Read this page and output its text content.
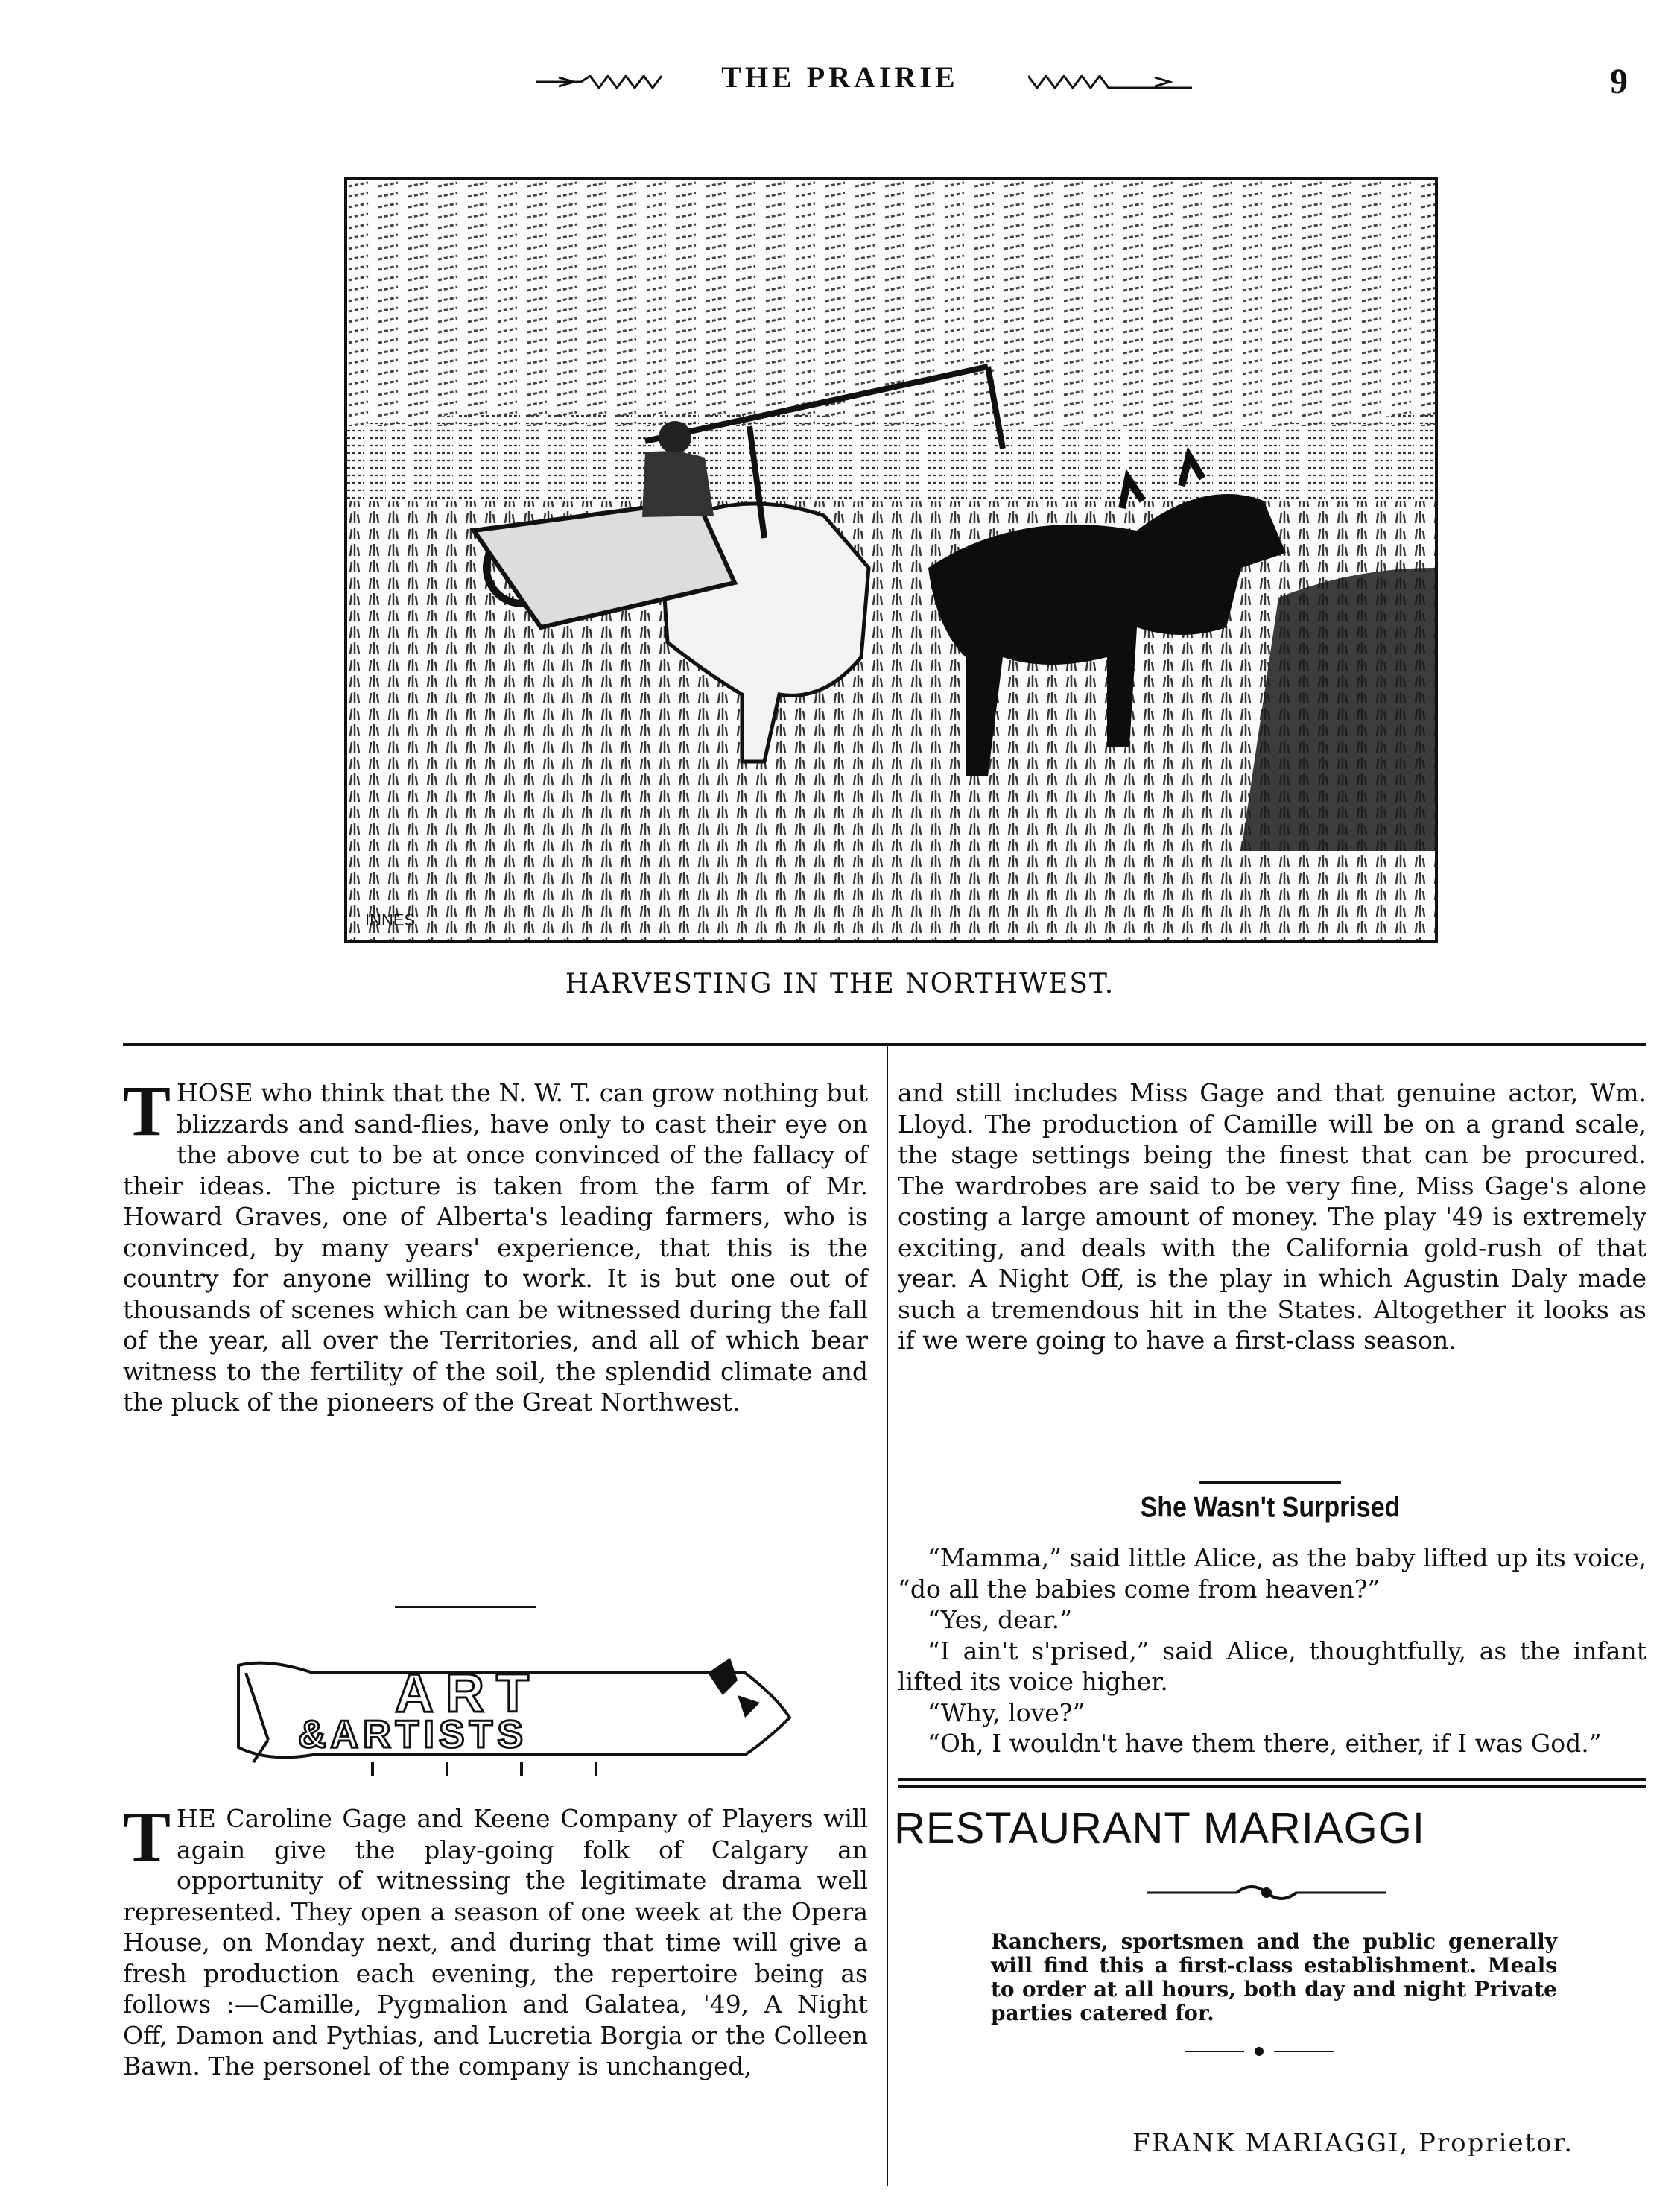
THE PRAIRIE	9
INNES
HARVESTING IN THE NORTHWEST.

THOSE who think that the N. W. T. can grow nothing but blizzards and sand-flies, have only to cast their eye on the above cut to be at once convinced of the fallacy of their ideas. The picture is taken from the farm of Mr. Howard Graves, one of Alberta's leading farmers, who is convinced, by many years' experience, that this is the country for anyone willing to work. It is but one out of thousands of scenes which can be witnessed during the fall of the year, all over the Territories, and all of which bear witness to the fertility of the soil, the splendid climate and the pluck of the pioneers of the Great Northwest.

ART
&ARTISTS

THE Caroline Gage and Keene Company of Players will again give the play-going folk of Calgary an opportunity of witnessing the legitimate drama well represented. They open a season of one week at the Opera House, on Monday next, and during that time will give a fresh production each evening, the repertoire being as follows :—Camille, Pygmalion and Galatea, '49, A Night Off, Damon and Pythias, and Lucretia Borgia or the Colleen Bawn. The personel of the company is unchanged,

and still includes Miss Gage and that genuine actor, Wm. Lloyd. The production of Camille will be on a grand scale, the stage settings being the finest that can be procured. The wardrobes are said to be very fine, Miss Gage's alone costing a large amount of money. The play '49 is extremely exciting, and deals with the California gold-rush of that year. A Night Off, is the play in which Agustin Daly made such a tremendous hit in the States. Altogether it looks as if we were going to have a first-class season.

She Wasn't Surprised

“Mamma,” said little Alice, as the baby lifted up its voice, “do all the babies come from heaven?”

“Yes, dear.”

“I ain't s'prised,” said Alice, thoughtfully, as the infant lifted its voice higher.

“Why, love?”

“Oh, I wouldn't have them there, either, if I was God.”

RESTAURANT MARIAGGI
Ranchers, sportsmen and the public generally will find this a first-class establishment. Meals to order at all hours, both day and night Private parties catered for.
FRANK MARIAGGI, Proprietor.
